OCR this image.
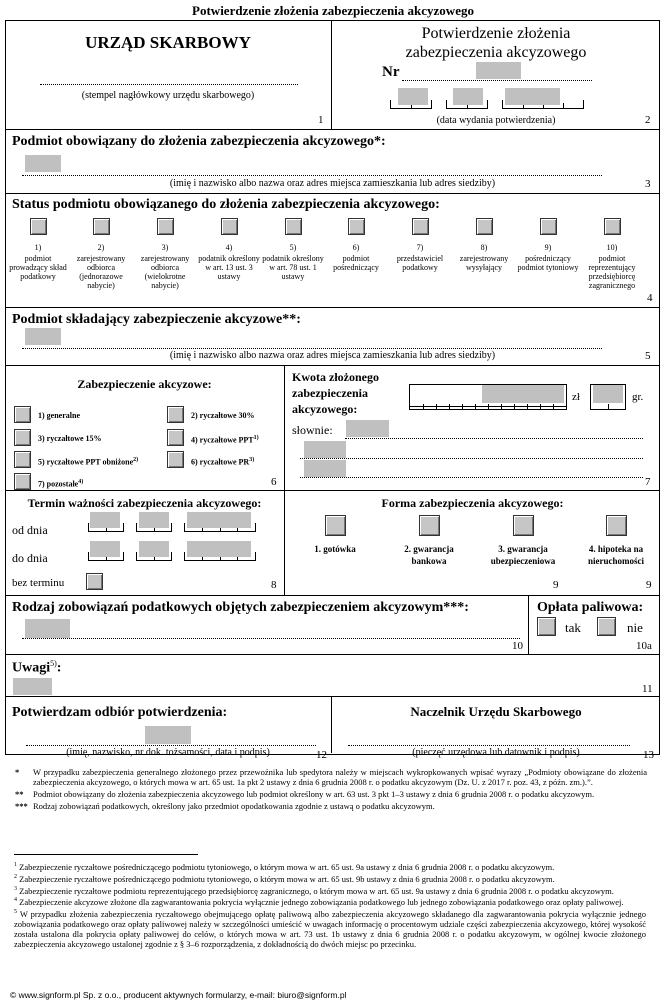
Potwierdzenie złożenia zabezpieczenia akcyzowego
URZĄD SKARBOWY
(stempel nagłówkowy urzędu skarbowego)
1
Potwierdzenie złożenia
zabezpieczenia akcyzowego
Nr
(data wydania potwierdzenia)	2
Podmiot obowiązany do złożenia zabezpieczenia akcyzowego*:
(imię i nazwisko albo nazwa oraz adres miejsca zamieszkania lub adres siedziby)	3
Status podmiotu obowiązanego do złożenia zabezpieczenia akcyzowego:
1)
podmiot prowadzący skład podatkowy
2)
zarejestrowany odbiorca (jednorazowe nabycie)
3)
zarejestrowany odbiorca (wielokrotne nabycie)
4)
podatnik określony w art. 13 ust. 3 ustawy
5)
podatnik określony w art. 78 ust. 1 ustawy
6)
podmiot pośredniczący
7)
przedstawiciel podatkowy
8)
zarejestrowany wysyłający
9)
pośredniczący podmiot tytoniowy
10)
podmiot reprezentujący przedsiębiorcę zagranicznego
4
Podmiot składający zabezpieczenie akcyzowe**:
(imię i nazwisko albo nazwa oraz adres miejsca zamieszkania lub adres siedziby)	5
Zabezpieczenie akcyzowe:
1) generalne	2) ryczałtowe 30%
3) ryczałtowe 15%	4) ryczałtowe PPT$^{1)}$
5) ryczałtowe PPT obniżone$^{2)}$	6) ryczałtowe PR$^{3)}$
7) pozostałe$^{4)}$	6
Kwota złożonego
zabezpieczenia
akcyzowego:
zł	gr.
słownie:
7
Termin ważności zabezpieczenia akcyzowego:
od dnia
do dnia
bez terminu	8
Forma zabezpieczenia akcyzowego:
1. gotówka	2. gwarancja
bankowa
3. gwarancja
ubezpieczeniowa
4. hipoteka na
nieruchomości
9	9
Rodzaj zobowiązań podatkowych objętych zabezpieczeniem akcyzowym***:
10
Opłata paliwowa:
tak	nie
10a
Uwagi$^{5)}$:
11
Potwierdzam odbiór potwierdzenia:
(imię, nazwisko, nr dok. tożsamości, data i podpis)	12
Naczelnik Urzędu Skarbowego
(pieczęć urzędowa lub datownik i podpis)	13
*	W przypadku zabezpieczenia generalnego złożonego przez przewoźnika lub spedytora należy w miejscach wykropkowanych wpisać wyrazy „Podmioty obowiązane do złożenia zabezpieczenia akcyzowego, o których mowa w art. 65 ust. 1a pkt 2 ustawy z dnia 6 grudnia 2008 r. o podatku akcyzowym (Dz. U. z 2017 r. poz. 43, z późn. zm.).”.
**	Podmiot obowiązany do złożenia zabezpieczenia akcyzowego lub podmiot określony w art. 63 ust. 3 pkt 1–3 ustawy z dnia 6 grudnia 2008 r. o podatku akcyzowym.
*** Rodzaj zobowiązań podatkowych, określony jako przedmiot opodatkowania zgodnie z ustawą o podatku akcyzowym.
$^1$ Zabezpieczenie ryczałtowe pośredniczącego podmiotu tytoniowego, o którym mowa w art. 65 ust. 9a ustawy z dnia 6 grudnia 2008 r. o podatku akcyzowym.
$^2$ Zabezpieczenie ryczałtowe pośredniczącego podmiotu tytoniowego, o którym mowa w art. 65 ust. 9b ustawy z dnia 6 grudnia 2008 r. o podatku akcyzowym.
$^3$ Zabezpieczenie ryczałtowe podmiotu reprezentującego przedsiębiorcę zagranicznego, o którym mowa w art. 65 ust. 9a ustawy z dnia 6 grudnia 2008 r. o podatku akcyzowym.
$^4$ Zabezpieczenie akcyzowe złożone dla zagwarantowania pokrycia wyłącznie jednego zobowiązania podatkowego lub jednego zobowiązania podatkowego oraz opłaty paliwowej.
$^5$ W przypadku złożenia zabezpieczenia ryczałtowego obejmującego opłatę paliwową albo zabezpieczenia akcyzowego składanego dla zagwarantowania pokrycia wyłącznie jednego zobowiązania podatkowego oraz opłaty paliwowej należy w szczególności umieścić w uwagach informację o procentowym udziale części zabezpieczenia akcyzowego, której wysokość została ustalona dla pokrycia opłaty paliwowej do celów, o których mowa w art. 73 ust. 1b ustawy z dnia 6 grudnia 2008 r. o podatku akcyzowym, w ogólnej kwocie złożonego zabezpieczenia akcyzowego ustalonej zgodnie z § 3–6 rozporządzenia, z dokładnością do dwóch miejsc po przecinku.
© www.signform.pl Sp. z o.o., producent aktywnych formularzy, e-mail: biuro@signform.pl
